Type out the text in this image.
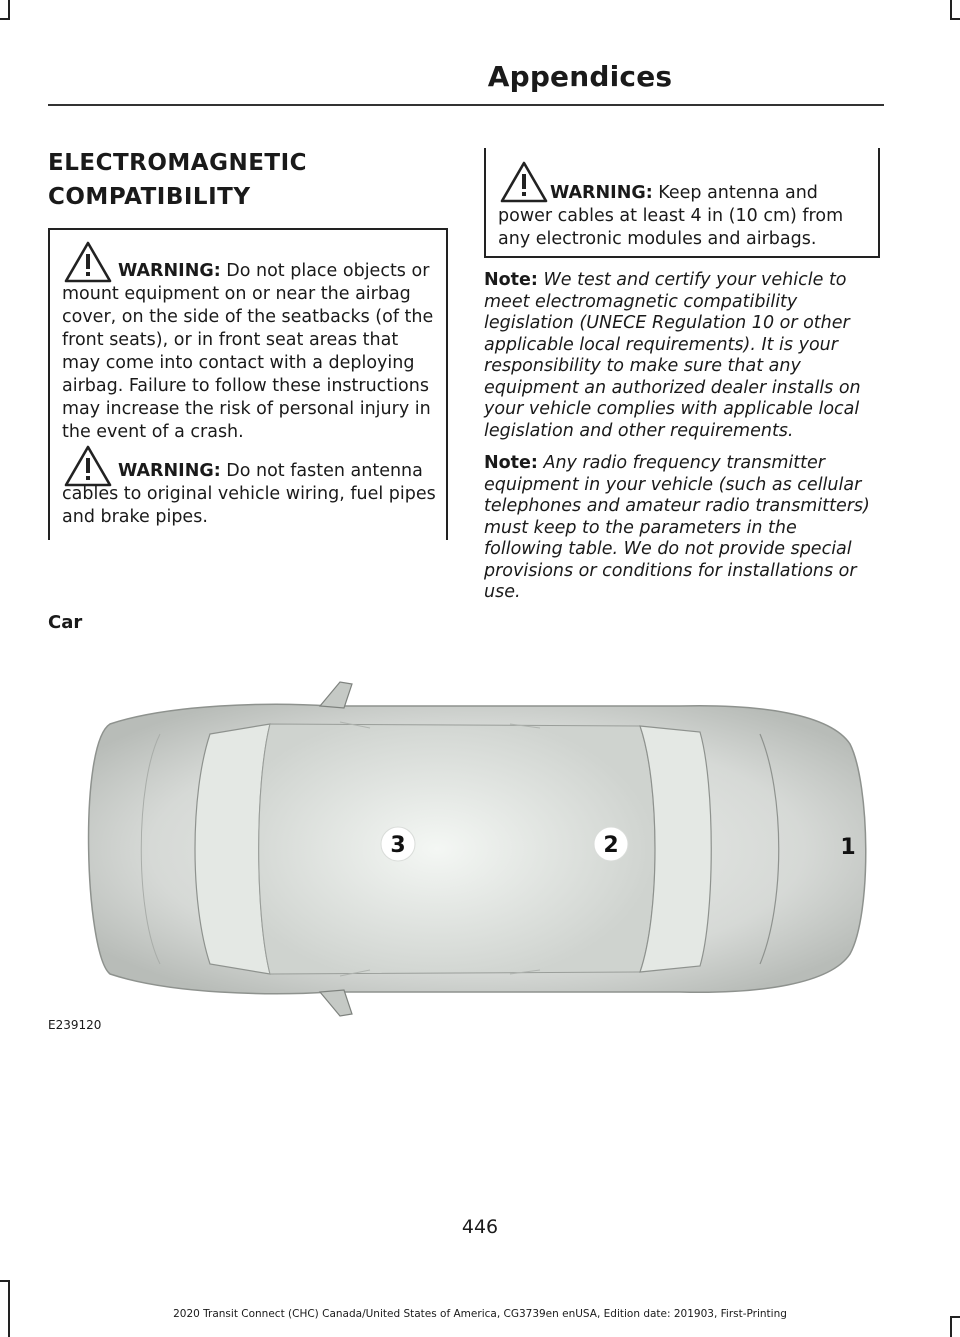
Appendices
ELECTROMAGNETIC
COMPATIBILITY
WARNING: Do not place objects or mount equipment on or near the airbag cover, on the side of the seatbacks (of the front seats), or in front seat areas that may come into contact with a deploying airbag. Failure to follow these instructions may increase the risk of personal injury in the event of a crash.
WARNING: Do not fasten antenna cables to original vehicle wiring, fuel pipes and brake pipes.
WARNING: Keep antenna and power cables at least 4 in (10 cm) from any electronic modules and airbags.

Note: We test and certify your vehicle to meet electromagnetic compatibility legislation (UNECE Regulation 10 or other applicable local requirements). It is your responsibility to make sure that any equipment an authorized dealer installs on your vehicle complies with applicable local legislation and other requirements.

Note: Any radio frequency transmitter equipment in your vehicle (such as cellular telephones and amateur radio transmitters) must keep to the parameters in the following table. We do not provide special provisions or conditions for installations or use.

Car
3	2	1
E239120
446
2020 Transit Connect (CHC) Canada/United States of America, CG3739en enUSA, Edition date: 201903, First-Printing
